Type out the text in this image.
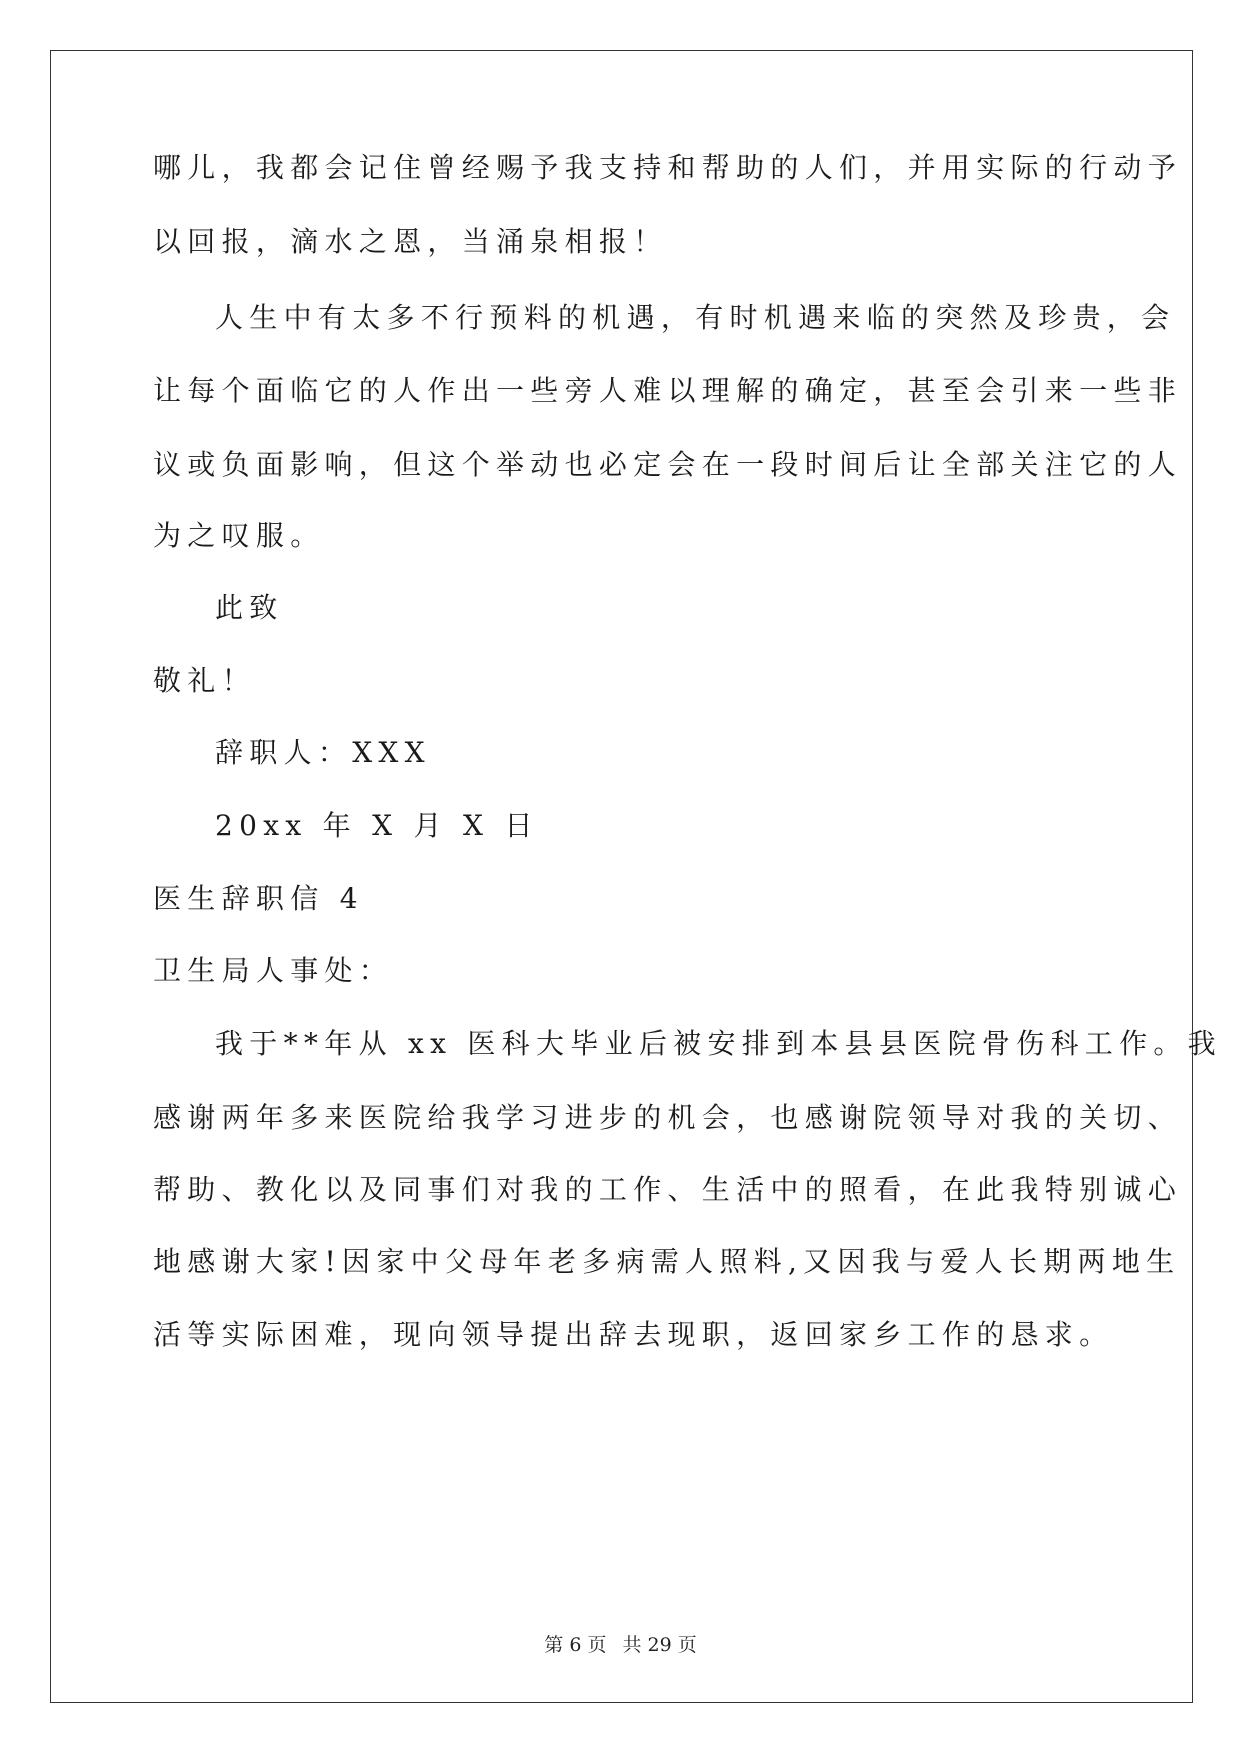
哪儿，我都会记住曾经赐予我支持和帮助的人们，并用实际的行动予
以回报，滴水之恩，当涌泉相报！
人生中有太多不行预料的机遇，有时机遇来临的突然及珍贵，会
让每个面临它的人作出一些旁人难以理解的确定，甚至会引来一些非
议或负面影响，但这个举动也必定会在一段时间后让全部关注它的人
为之叹服。
此致
敬礼！
辞职人：XXX
20xx 年 X 月 X 日
医生辞职信 4
卫生局人事处：
我于**年从 xx 医科大毕业后被安排到本县县医院骨伤科工作。我
感谢两年多来医院给我学习进步的机会，也感谢院领导对我的关切、
帮助、教化以及同事们对我的工作、生活中的照看，在此我特别诚心
地感谢大家!因家中父母年老多病需人照料,又因我与爱人长期两地生
活等实际困难，现向领导提出辞去现职，返回家乡工作的恳求。
第 6 页 共 29 页
